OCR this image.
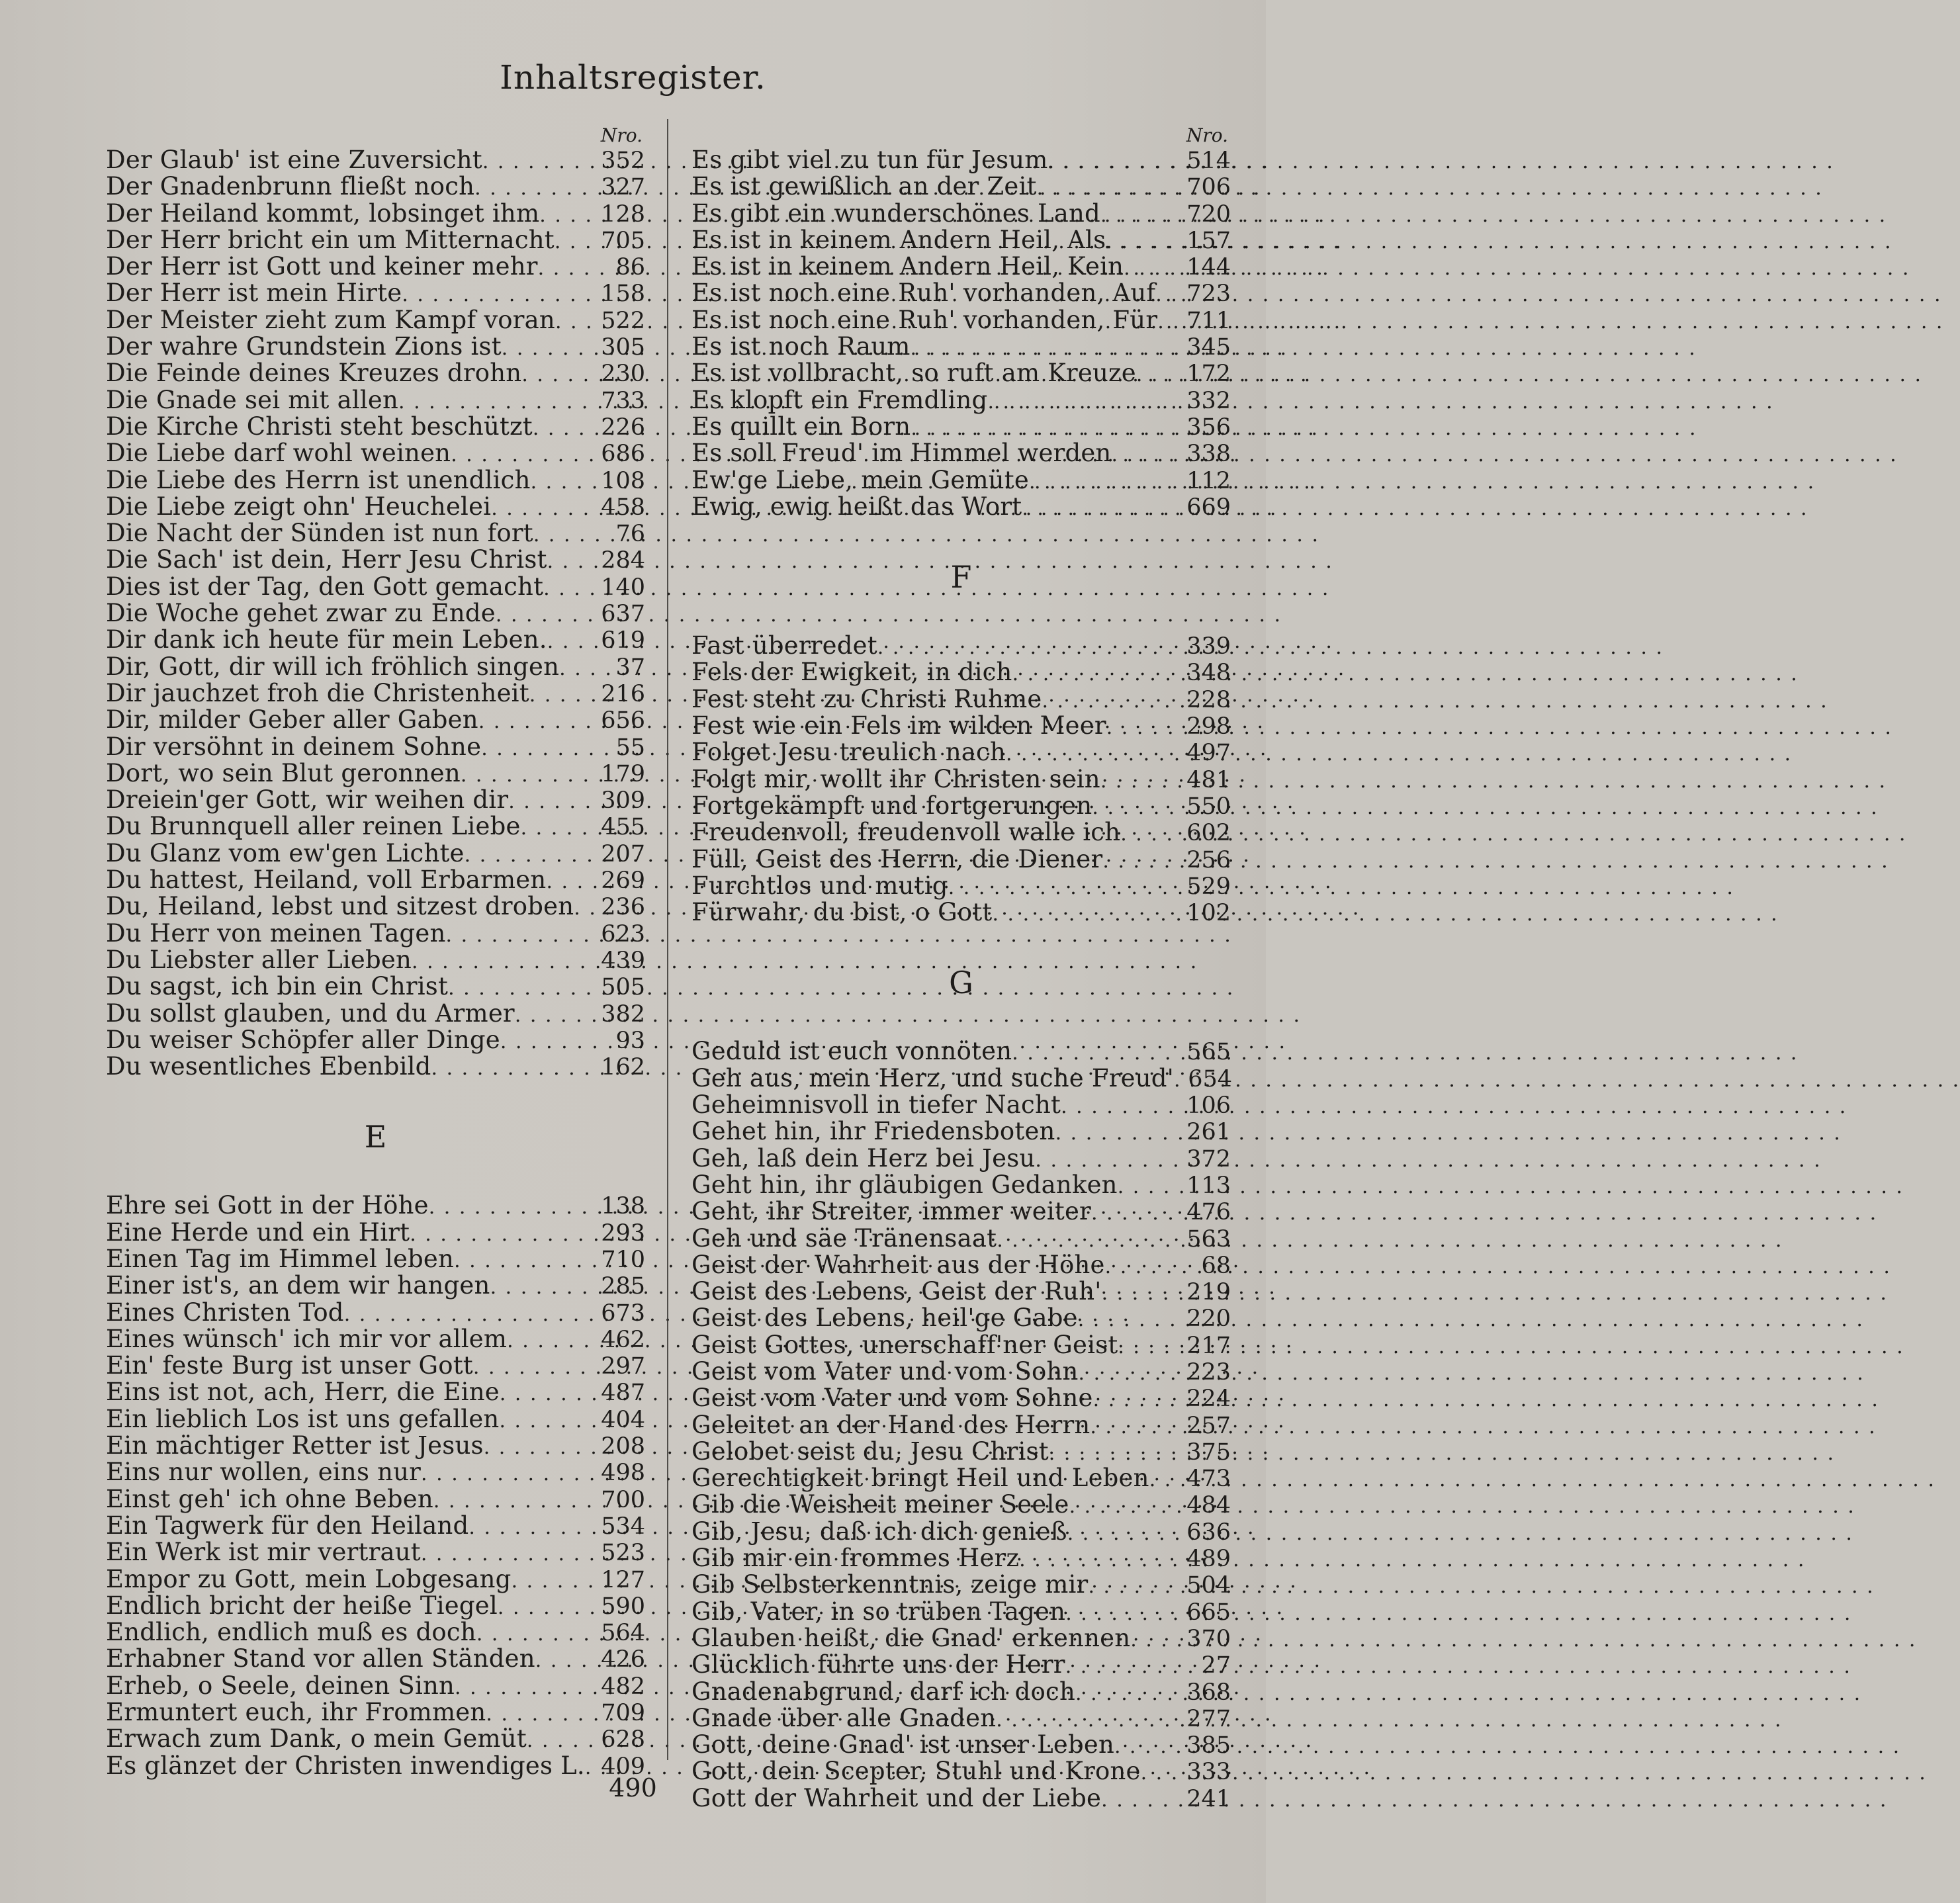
Inhaltsregister.
Nro.
Der Glaub' ist eine Zuversicht . . .	352
Der Gnadenbrunn fließt noch . . .	327
Der Heiland kommt, lobsinget ihm . . .	128
Der Herr bricht ein um Mitternacht . . .	705
Der Herr ist Gott und keiner mehr . . .	86
Der Herr ist mein Hirte . . .	158
Der Meister zieht zum Kampf voran . . .	522
Der wahre Grundstein Zions ist . . .	305
Die Feinde deines Kreuzes drohn . . .	230
Die Gnade sei mit allen . . .	733
Die Kirche Christi steht beschützt . . .	226
Die Liebe darf wohl weinen . . .	686
Die Liebe des Herrn ist unendlich . . .	108
Die Liebe zeigt ohn' Heuchelei . . .	458
Die Nacht der Sünden ist nun fort . . .	76
Die Sach' ist dein, Herr Jesu Christ . . .	284
Dies ist der Tag, den Gott gemacht . . .	140
Die Woche gehet zwar zu Ende . . .	637
Dir dank ich heute für mein Leben. . . .	619
Dir, Gott, dir will ich fröhlich singen . . .	37
Dir jauchzet froh die Christenheit . . .	216
Dir, milder Geber aller Gaben . . .	656
Dir versöhnt in deinem Sohne . . .	55
Dort, wo sein Blut geronnen . . .	179
Dreiein'ger Gott, wir weihen dir . . .	309
Du Brunnquell aller reinen Liebe . . .	455
Du Glanz vom ew'gen Lichte . . .	207
Du hattest, Heiland, voll Erbarmen . . .	269
Du, Heiland, lebst und sitzest droben . . .	236
Du Herr von meinen Tagen . . .	623
Du Liebster aller Lieben . . .	439
Du sagst, ich bin ein Christ . . .	505
Du sollst glauben, und du Armer . . .	382
Du weiser Schöpfer aller Dinge . . .	93
Du wesentliches Ebenbild . . .	162
E
Ehre sei Gott in der Höhe . . .	138
Eine Herde und ein Hirt . . .	293
Einen Tag im Himmel leben . . .	710
Einer ist's, an dem wir hangen . . .	285
Eines Christen Tod . . .	673
Eines wünsch' ich mir vor allem . . .	462
Ein' feste Burg ist unser Gott . . .	297
Eins ist not, ach, Herr, die Eine . . .	487
Ein lieblich Los ist uns gefallen . . .	404
Ein mächtiger Retter ist Jesus . . .	208
Eins nur wollen, eins nur . . .	498
Einst geh' ich ohne Beben . . .	700
Ein Tagwerk für den Heiland . . .	534
Ein Werk ist mir vertraut . . .	523
Empor zu Gott, mein Lobgesang . . .	127
Endlich bricht der heiße Tiegel . . .	590
Endlich, endlich muß es doch . . .	564
Erhabner Stand vor allen Ständen . . .	426
Erheb, o Seele, deinen Sinn . . .	482
Ermuntert euch, ihr Frommen . . .	709
Erwach zum Dank, o mein Gemüt . . .	628
Es glänzet der Christen inwendiges L. . . . 409
Nro.
Es gibt viel zu tun für Jesum . . .	514
Es ist gewißlich an der Zeit . . .	706
Es gibt ein wunderschönes Land . . .	720
Es ist in keinem Andern Heil, Als . . .	157
Es ist in keinem Andern Heil, Kein . . .	144
Es ist noch eine Ruh' vorhanden, Auf . . .	723
Es ist noch eine Ruh' vorhanden, Für . . .	711
Es ist noch Raum . . .	345
Es ist vollbracht, so ruft am Kreuze . . .	172
Es klopft ein Fremdling . . .	332
Es quillt ein Born . . .	356
Es soll Freud' im Himmel werden . . .	338
Ew'ge Liebe, mein Gemüte . . .	112
Ewig, ewig heißt das Wort . . .	669
F
Fast überredet . . .	339
Fels der Ewigkeit, in dich . . .	348
Fest steht zu Christi Ruhme . . .	228
Fest wie ein Fels im wilden Meer . . .	298
Folget Jesu treulich nach . . .	497
Folgt mir, wollt ihr Christen sein . . .	481
Fortgekämpft und fortgerungen . . .	550
Freudenvoll, freudenvoll walle ich . . .	602
Füll, Geist des Herrn, die Diener . . .	256
Furchtlos und mutig . . .	529
Fürwahr, du bist, o Gott . . .	102
G
Geduld ist euch vonnöten . . .	565
Geh aus, mein Herz, und suche Freud' . . . 654
Geheimnisvoll in tiefer Nacht . . .	106
Gehet hin, ihr Friedensboten . . .	261
Geh, laß dein Herz bei Jesu . . .	372
Geht hin, ihr gläubigen Gedanken . . .	113
Geht, ihr Streiter, immer weiter . . .	476
Geh und säe Tränensaat . . .	563
Geist der Wahrheit aus der Höhe . . .	68
Geist des Lebens, Geist der Ruh' . . .	219
Geist des Lebens, heil'ge Gabe . . .	220
Geist Gottes, unerschaff'ner Geist . . .	217
Geist vom Vater und vom Sohn . . .	223
Geist vom Vater und vom Sohne . . .	224
Geleitet an der Hand des Herrn . . .	257
Gelobet seist du, Jesu Christ . . .	375
Gerechtigkeit bringt Heil und Leben . . .	473
Gib die Weisheit meiner Seele . . .	484
Gib, Jesu, daß ich dich genieß . . .	636
Gib mir ein frommes Herz . . .	489
Gib Selbsterkenntnis, zeige mir . . .	504
Gib, Vater, in so trüben Tagen . . .	665
Glauben heißt, die Gnad' erkennen . . .	370
Glücklich führte uns der Herr . . .	27
Gnadenabgrund, darf ich doch . . .	368
Gnade über alle Gnaden . . .	277
Gott, deine Gnad' ist unser Leben . . .	385
Gott, dein Scepter, Stuhl und Krone . . .	333
Gott der Wahrheit und der Liebe . . .	241
490
